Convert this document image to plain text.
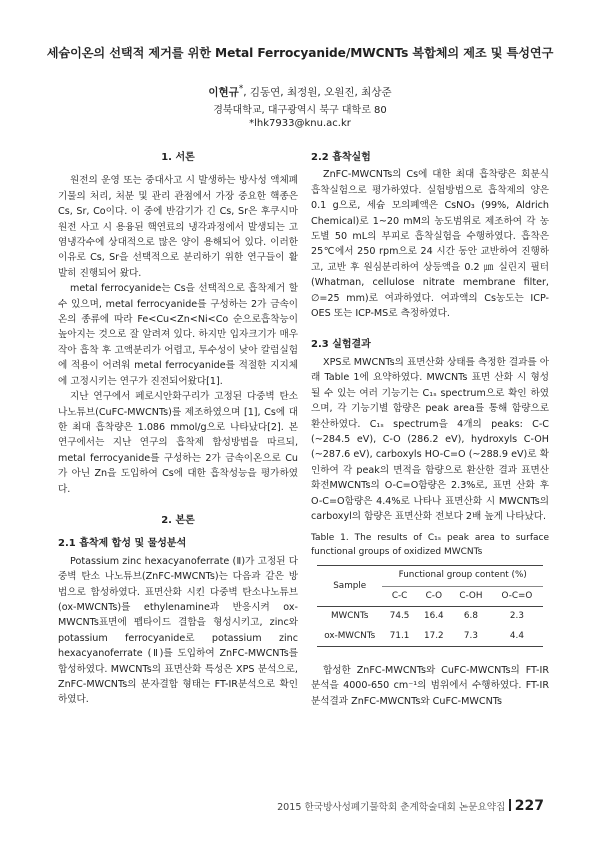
세슘이온의 선택적 제거를 위한 Metal Ferrocyanide/MWCNTs 복합체의 제조 및 특성연구
이현규*, 김동연, 최정원, 오원진, 최상준
경북대학교, 대구광역시 북구 대학로 80
*lhk7933@knu.ac.kr
1. 서론

원전의 운영 또는 중대사고 시 발생하는 방사성 액체폐기물의 처리, 처분 및 관리 관점에서 가장 중요한 핵종은 Cs, Sr, Co이다. 이 중에 반감기가 긴 Cs, Sr은 후쿠시마 원전 사고 시 용융된 핵연료의 냉각과정에서 발생되는 고염냉각수에 상대적으로 많은 양이 용해되어 있다. 이러한 이유로 Cs, Sr을 선택적으로 분리하기 위한 연구들이 활발히 진행되어 왔다.

metal ferrocyanide는 Cs을 선택적으로 흡착제거 할 수 있으며, metal ferrocyanide를 구성하는 2가 금속이온의 종류에 따라 Fe<Cu<Zn<Ni<Co 순으로흡착능이 높아지는 것으로 잘 알려져 있다. 하지만 입자크기가 매우 작아 흡착 후 고액분리가 어렵고, 투수성이 낮아 칼럼실험에 적용이 어려워 metal ferrocyanide를 적절한 지지체에 고정시키는 연구가 진전되어왔다[1].

지난 연구에서 페로시안화구리가 고정된 다중벽 탄소나노튜브(CuFC-MWCNTs)를 제조하였으며 [1], Cs에 대한 최대 흡착량은 1.086 mmol/g으로 나타났다[2]. 본 연구에서는 지난 연구의 흡착제 합성방법을 따르되, metal ferrocyanide를 구성하는 2가 금속이온으로 Cu가 아닌 Zn을 도입하여 Cs에 대한 흡착성능을 평가하였다.

2. 본론
2.1 흡착제 합성 및 물성분석

Potassium zinc hexacyanoferrate (Ⅱ)가 고정된 다중벽 탄소 나노튜브(ZnFC-MWCNTs)는 다음과 같은 방법으로 합성하였다. 표면산화 시킨 다중벽 탄소나노튜브(ox-MWCNTs)를 ethylenamine과 반응시켜 ox-MWCNTs표면에 펩타이드 결합을 형성시키고, zinc와 potassium ferrocyanide로 potassium zinc hexacyanoferrate (Ⅱ)를 도입하여 ZnFC-MWCNTs를 합성하였다. MWCNTs의 표면산화 특성은 XPS 분석으로, ZnFC-MWCNTs의 분자결합 형태는 FT-IR분석으로 확인하였다.

2.2 흡착실험

ZnFC-MWCNTs의 Cs에 대한 최대 흡착량은 회분식 흡착실험으로 평가하였다. 실험방법으로 흡착제의 양은 0.1 g으로, 세슘 모의폐액은 CsNO₃ (99%, Aldrich Chemical)로 1~20 mM의 농도범위로 제조하여 각 농도별 50 mL의 부피로 흡착실험을 수행하였다. 흡착은 25℃에서 250 rpm으로 24 시간 동안 교반하여 진행하고, 교반 후 원심분리하여 상등액을 0.2 ㎛ 실린지 필터(Whatman, cellulose nitrate membrane filter, ∅=25 mm)로 여과하였다. 여과액의 Cs농도는 ICP-OES 또는 ICP-MS로 측정하였다.

2.3 실험결과

XPS로 MWCNTs의 표면산화 상태를 측정한 결과를 아래 Table 1에 요약하였다. MWCNTs 표면 산화 시 형성될 수 있는 여러 기능기는 C₁ₛ spectrum으로 확인 하였으며, 각 기능기별 함량은 peak area를 통해 함량으로 환산하였다. C₁ₛ spectrum을 4개의 peaks: C-C (~284.5 eV), C-O (286.2 eV), hydroxyls C-OH (~287.6 eV), carboxyls HO-C=O (~288.9 eV)로 확인하여 각 peak의 면적을 함량으로 환산한 결과 표면산화전MWCNTs의 O-C=O함량은 2.3%로, 표면 산화 후 O-C=O함량은 4.4%로 나타나 표면산화 시 MWCNTs의 carboxyl의 함량은 표면산화 전보다 2배 높게 나타났다.

Table 1. The results of C₁ₛ peak area to surface functional groups of oxidized MWCNTs

Sample	Functional group content (%)			
	C-C	C-O	C-OH	O-C=O
MWCNTs	74.5	16.4	6.8	2.3
ox-MWCNTs	71.1	17.2	7.3	4.4

합성한 ZnFC-MWCNTs와 CuFC-MWCNTs의 FT-IR 분석을 4000-650 cm⁻¹의 범위에서 수행하였다. FT-IR 분석결과 ZnFC-MWCNTs와 CuFC-MWCNTs

2015 한국방사성폐기물학회 춘계학술대회 논문요약집 227
